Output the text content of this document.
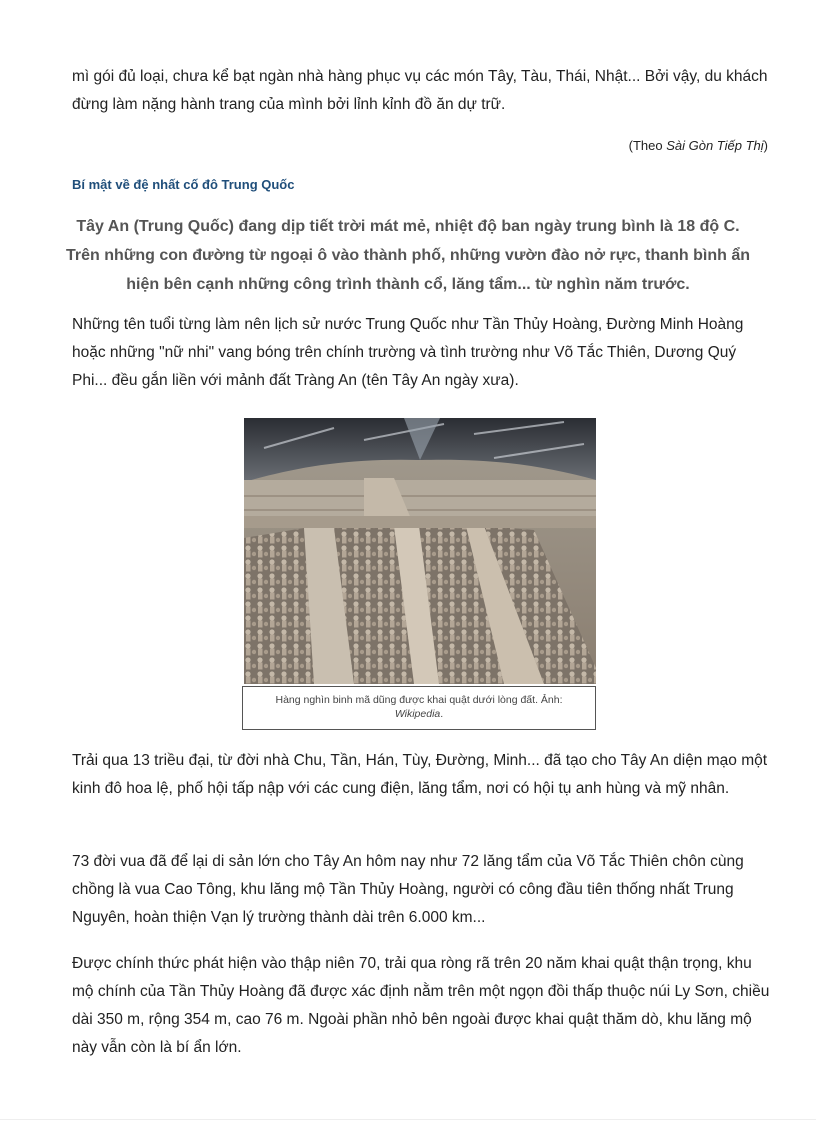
mì gói đủ loại, chưa kể bạt ngàn nhà hàng phục vụ các món Tây, Tàu, Thái, Nhật... Bởi vậy, du khách đừng làm nặng hành trang của mình bởi lỉnh kỉnh đồ ăn dự trữ.

(Theo Sài Gòn Tiếp Thị)
Bí mật về đệ nhất cố đô Trung Quốc

Tây An (Trung Quốc) đang dịp tiết trời mát mẻ, nhiệt độ ban ngày trung bình là 18 độ C. Trên những con đường từ ngoại ô vào thành phố, những vườn đào nở rực, thanh bình ẩn hiện bên cạnh những công trình thành cổ, lăng tẩm... từ nghìn năm trước.

Những tên tuổi từng làm nên lịch sử nước Trung Quốc như Tần Thủy Hoàng, Đường Minh Hoàng hoặc những "nữ nhi" vang bóng trên chính trường và tình trường như Võ Tắc Thiên, Dương Quý Phi... đều gắn liền với mảnh đất Tràng An (tên Tây An ngày xưa).

Hàng nghìn binh mã dũng được khai quật dưới lòng đất. Ảnh:
Wikipedia.

Trải qua 13 triều đại, từ đời nhà Chu, Tần, Hán, Tùy, Đường, Minh... đã tạo cho Tây An diện mạo một kinh đô hoa lệ, phố hội tấp nập với các cung điện, lăng tẩm, nơi có hội tụ anh hùng và mỹ nhân.

73 đời vua đã để lại di sản lớn cho Tây An hôm nay như 72 lăng tẩm của Võ Tắc Thiên chôn cùng chồng là vua Cao Tông, khu lăng mộ Tần Thủy Hoàng, người có công đầu tiên thống nhất Trung Nguyên, hoàn thiện Vạn lý trường thành dài trên 6.000 km...

Được chính thức phát hiện vào thập niên 70, trải qua ròng rã trên 20 năm khai quật thận trọng, khu mộ chính của Tần Thủy Hoàng đã được xác định nằm trên một ngọn đồi thấp thuộc núi Ly Sơn, chiều dài 350 m, rộng 354 m, cao 76 m. Ngoài phần nhỏ bên ngoài được khai quật thăm dò, khu lăng mộ này vẫn còn là bí ẩn lớn.
